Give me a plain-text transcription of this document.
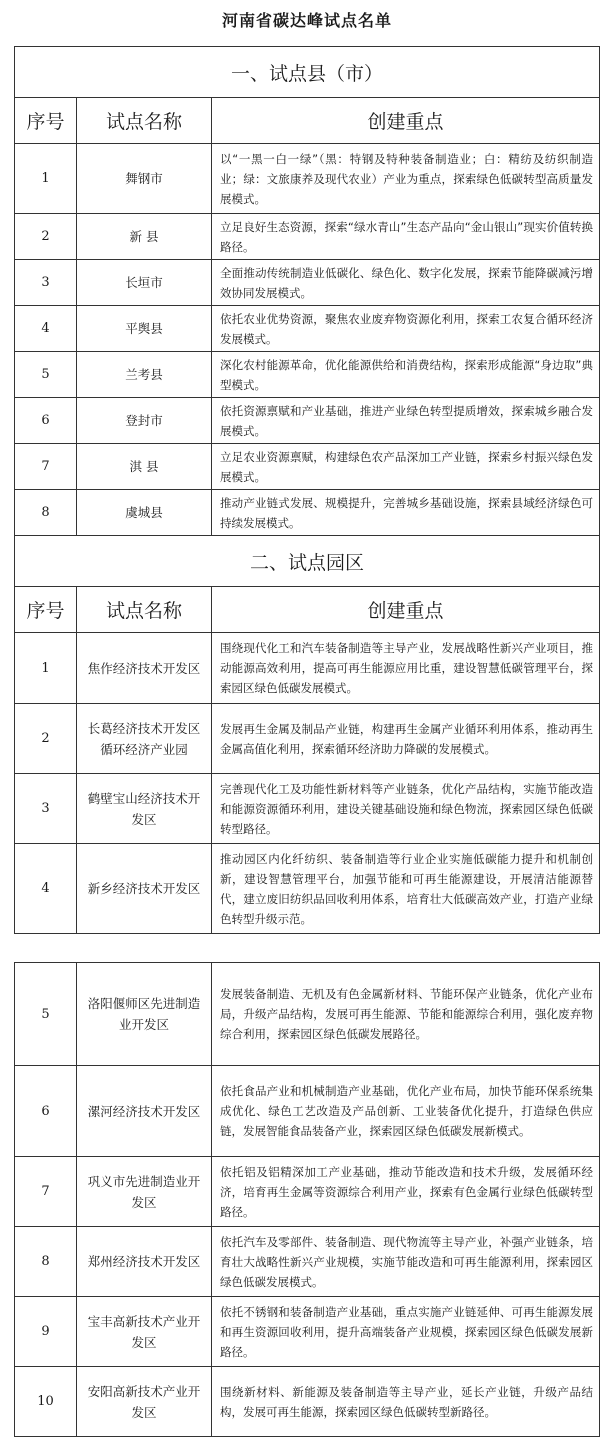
河南省碳达峰试点名单
一、试点县（市）		
序号	试点名称	创建重点
1	舞钢市	以“一黑一白一绿”（黑：特钢及特种装备制造业；白：精纺及纺织制造业；绿：文旅康养及现代农业）产业为重点，探索绿色低碳转型高质量发展模式。
2	新 县	立足良好生态资源，探索“绿水青山”生态产品向“金山银山”现实价值转换路径。
3	长垣市	全面推动传统制造业低碳化、绿色化、数字化发展，探索节能降碳减污增效协同发展模式。
4	平舆县	依托农业优势资源，聚焦农业废弃物资源化利用，探索工农复合循环经济发展模式。
5	兰考县	深化农村能源革命，优化能源供给和消费结构，探索形成能源“身边取”典型模式。
6	登封市	依托资源禀赋和产业基础，推进产业绿色转型提质增效，探索城乡融合发展模式。
7	淇 县	立足农业资源禀赋，构建绿色农产品深加工产业链，探索乡村振兴绿色发展模式。
8	虞城县	推动产业链式发展、规模提升，完善城乡基础设施，探索县域经济绿色可持续发展模式。
二、试点园区		
序号	试点名称	创建重点
1	焦作经济技术开发区	围绕现代化工和汽车装备制造等主导产业，发展战略性新兴产业项目，推动能源高效利用，提高可再生能源应用比重，建设智慧低碳管理平台，探索园区绿色低碳发展模式。
2	长葛经济技术开发区循环经济产业园	发展再生金属及制品产业链，构建再生金属产业循环利用体系，推动再生金属高值化利用，探索循环经济助力降碳的发展模式。
3	鹤壁宝山经济技术开发区	完善现代化工及功能性新材料等产业链条，优化产品结构，实施节能改造和能源资源循环利用，建设关键基础设施和绿色物流，探索园区绿色低碳转型路径。
4	新乡经济技术开发区	推动园区内化纤纺织、装备制造等行业企业实施低碳能力提升和机制创新，建设智慧管理平台，加强节能和可再生能源建设，开展清洁能源替代，建立废旧纺织品回收利用体系，培育壮大低碳高效产业，打造产业绿色转型升级示范。
5	洛阳偃师区先进制造业开发区	发展装备制造、无机及有色金属新材料、节能环保产业链条，优化产业布局，升级产品结构，发展可再生能源、节能和能源综合利用，强化废弃物综合利用，探索园区绿色低碳发展路径。
6	漯河经济技术开发区	依托食品产业和机械制造产业基础，优化产业布局，加快节能环保系统集成优化、绿色工艺改造及产品创新、工业装备优化提升，打造绿色供应链，发展智能食品装备产业，探索园区绿色低碳发展新模式。
7	巩义市先进制造业开发区	依托铝及铝精深加工产业基础，推动节能改造和技术升级，发展循环经济，培育再生金属等资源综合利用产业，探索有色金属行业绿色低碳转型路径。
8	郑州经济技术开发区	依托汽车及零部件、装备制造、现代物流等主导产业，补强产业链条，培育壮大战略性新兴产业规模，实施节能改造和可再生能源利用，探索园区绿色低碳发展模式。
9	宝丰高新技术产业开发区	依托不锈钢和装备制造产业基础，重点实施产业链延伸、可再生能源发展和再生资源回收利用，提升高端装备产业规模，探索园区绿色低碳发展新路径。
10	安阳高新技术产业开发区	围绕新材料、新能源及装备制造等主导产业，延长产业链，升级产品结构，发展可再生能源，探索园区绿色低碳转型新路径。
